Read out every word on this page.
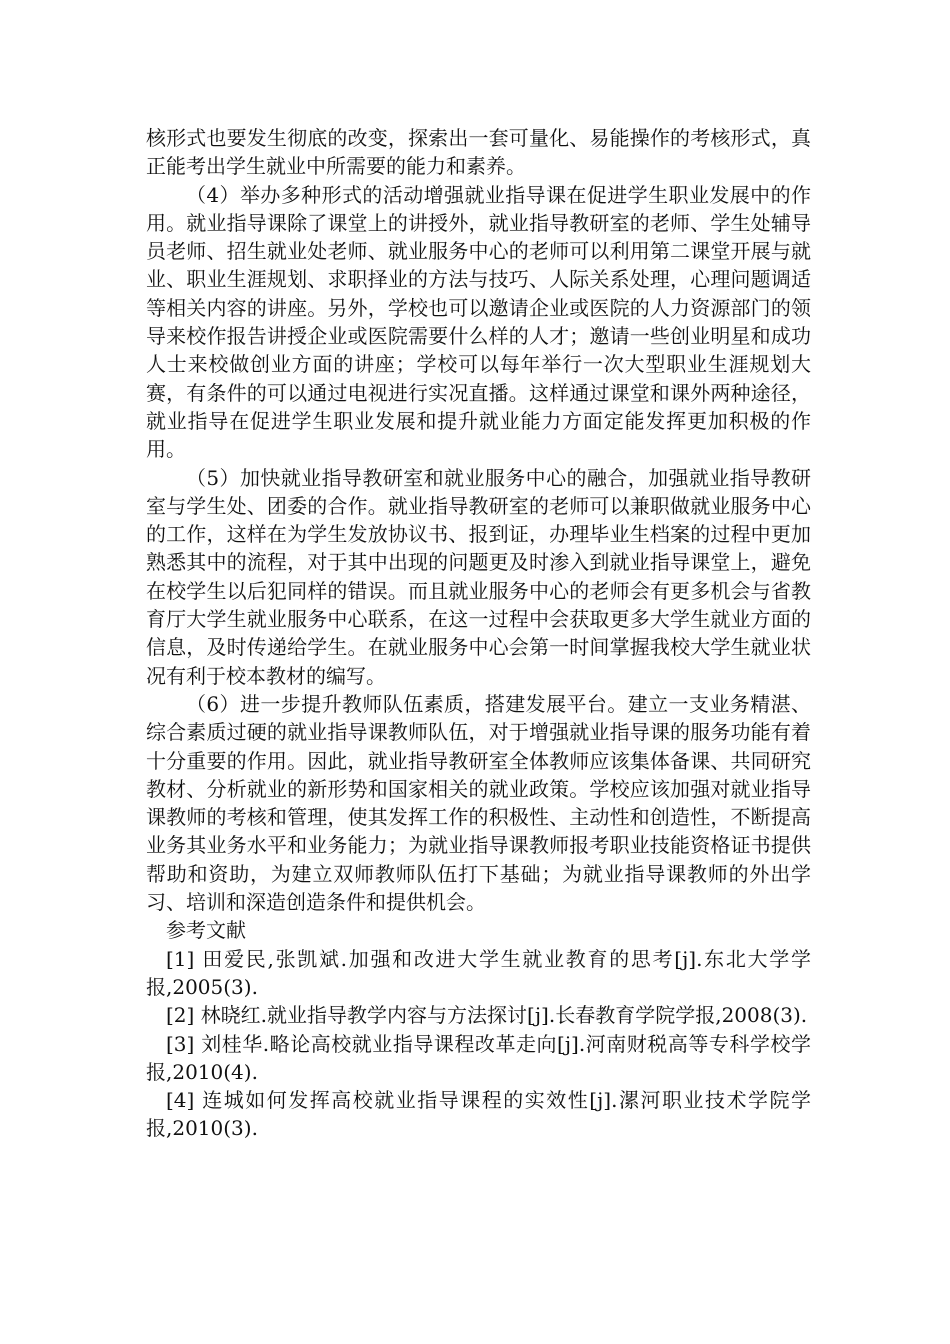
核形式也要发生彻底的改变，探索出一套可量化、易能操作的考核形式，真正能考出学生就业中所需要的能力和素养。

（4）举办多种形式的活动增强就业指导课在促进学生职业发展中的作用。就业指导课除了课堂上的讲授外，就业指导教研室的老师、学生处辅导员老师、招生就业处老师、就业服务中心的老师可以利用第二课堂开展与就业、职业生涯规划、求职择业的方法与技巧、人际关系处理，心理问题调适等相关内容的讲座。另外，学校也可以邀请企业或医院的人力资源部门的领导来校作报告讲授企业或医院需要什么样的人才；邀请一些创业明星和成功人士来校做创业方面的讲座；学校可以每年举行一次大型职业生涯规划大赛，有条件的可以通过电视进行实况直播。这样通过课堂和课外两种途径，就业指导在促进学生职业发展和提升就业能力方面定能发挥更加积极的作用。

（5）加快就业指导教研室和就业服务中心的融合，加强就业指导教研室与学生处、团委的合作。就业指导教研室的老师可以兼职做就业服务中心的工作，这样在为学生发放协议书、报到证，办理毕业生档案的过程中更加熟悉其中的流程，对于其中出现的问题更及时渗入到就业指导课堂上，避免在校学生以后犯同样的错误。而且就业服务中心的老师会有更多机会与省教育厅大学生就业服务中心联系，在这一过程中会获取更多大学生就业方面的信息，及时传递给学生。在就业服务中心会第一时间掌握我校大学生就业状况有利于校本教材的编写。

（6）进一步提升教师队伍素质，搭建发展平台。建立一支业务精湛、综合素质过硬的就业指导课教师队伍，对于增强就业指导课的服务功能有着十分重要的作用。因此，就业指导教研室全体教师应该集体备课、共同研究教材、分析就业的新形势和国家相关的就业政策。学校应该加强对就业指导课教师的考核和管理，使其发挥工作的积极性、主动性和创造性，不断提高业务其业务水平和业务能力；为就业指导课教师报考职业技能资格证书提供帮助和资助，为建立双师教师队伍打下基础；为就业指导课教师的外出学习、培训和深造创造条件和提供机会。

参考文献

[1] 田爱民,张凯斌.加强和改进大学生就业教育的思考[j].东北大学学报,2005(3).

[2] 林晓红.就业指导教学内容与方法探讨[j].长春教育学院学报,2008(3).

[3] 刘桂华.略论高校就业指导课程改革走向[j].河南财税高等专科学校学报,2010(4).

[4] 连城如何发挥高校就业指导课程的实效性[j].漯河职业技术学院学报,2010(3).
